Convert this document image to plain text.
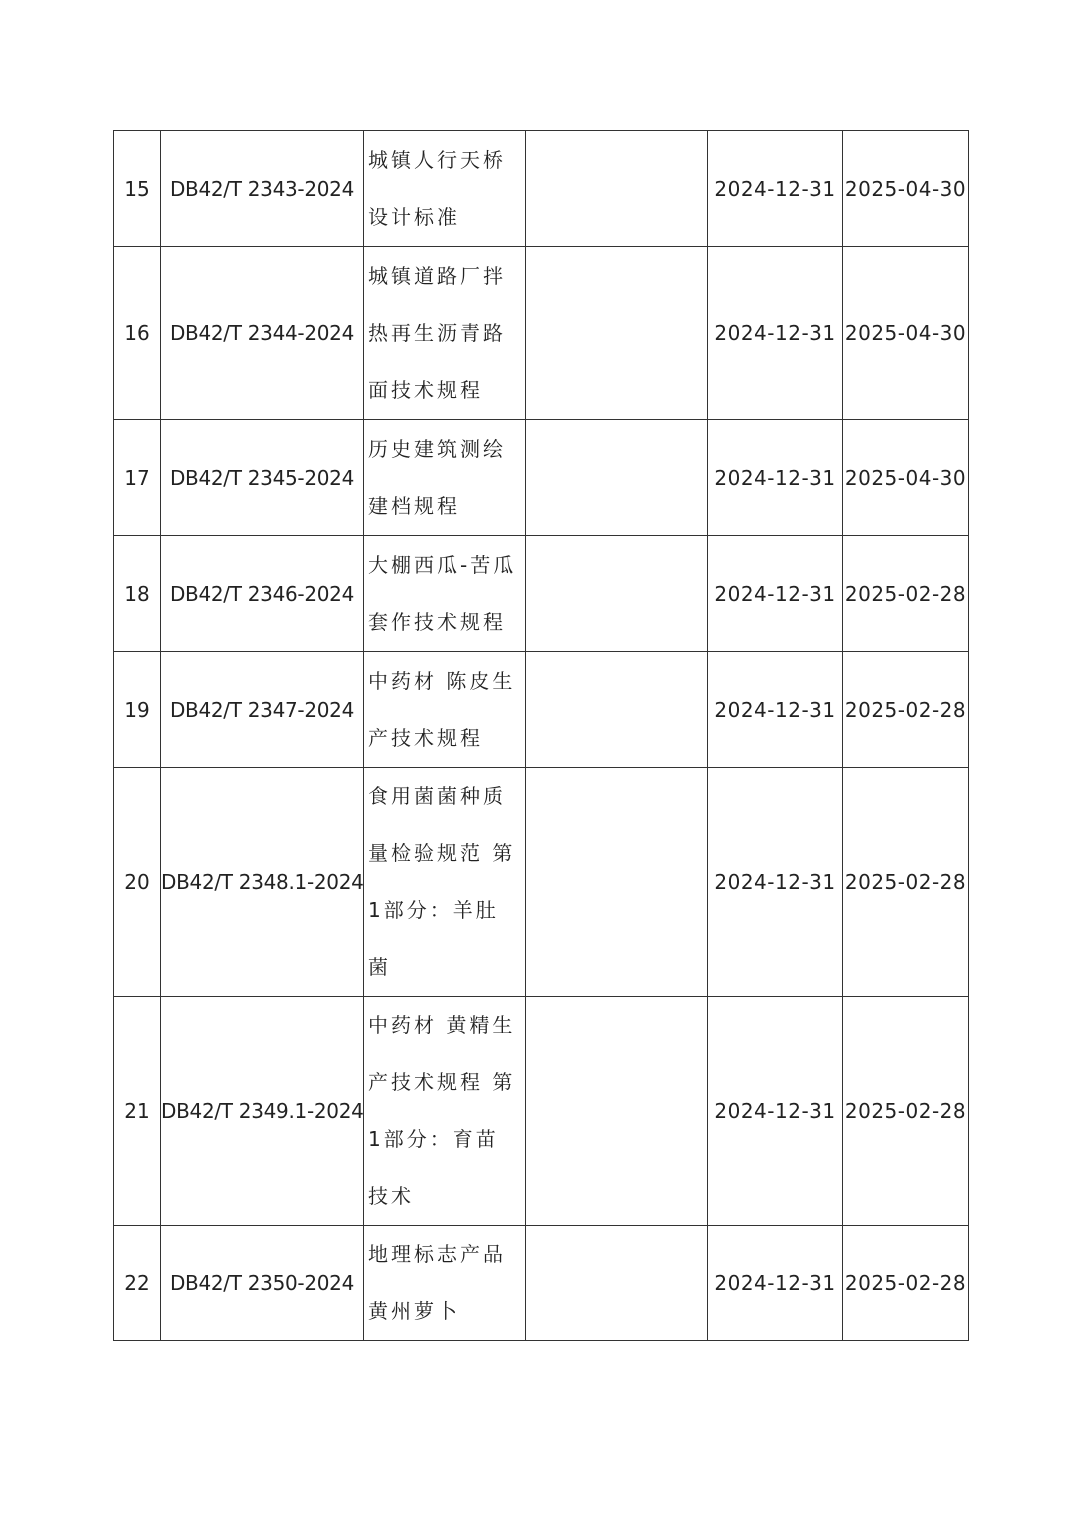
15	DB42/T 2343-2024	城镇人行天桥设计标准		2024-12-31	2025-04-30
16	DB42/T 2344-2024	城镇道路厂拌热再生沥青路面技术规程		2024-12-31	2025-04-30
17	DB42/T 2345-2024	历史建筑测绘建档规程		2024-12-31	2025-04-30
18	DB42/T 2346-2024	大棚西瓜-苦瓜套作技术规程		2024-12-31	2025-02-28
19	DB42/T 2347-2024	中药材 陈皮生产技术规程		2024-12-31	2025-02-28
20	DB42/T 2348.1-2024	食用菌菌种质量检验规范 第1部分：羊肚菌		2024-12-31	2025-02-28
21	DB42/T 2349.1-2024	中药材 黄精生产技术规程 第1部分：育苗技术		2024-12-31	2025-02-28
22	DB42/T 2350-2024	地理标志产品 黄州萝卜		2024-12-31	2025-02-28
